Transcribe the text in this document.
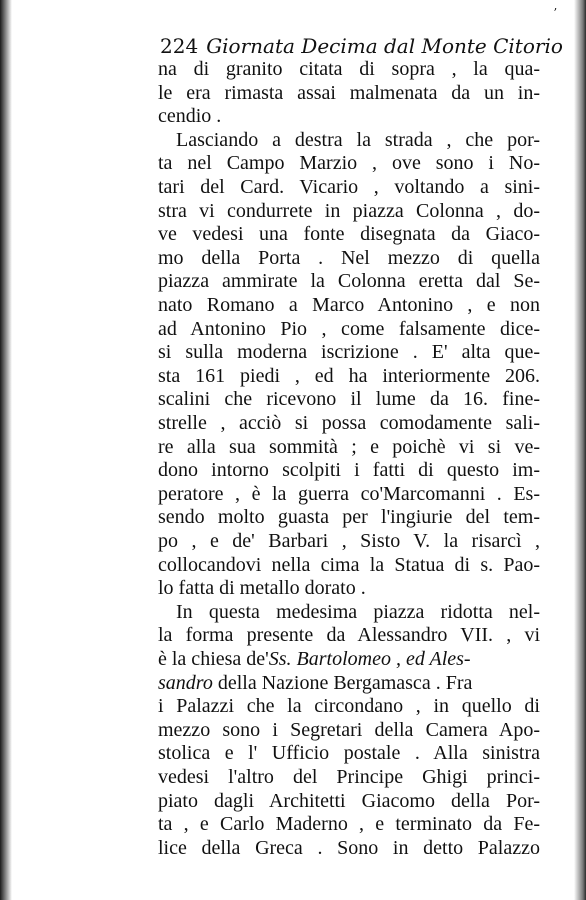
ʼ
224 Giornata Decima dal Monte Citorio
na di granito citata di sopra , la qua-
le era rimasta assai malmenata da un in-
cendio .
Lasciando a destra la strada , che por-
ta nel Campo Marzio , ove sono i No-
tari del Card. Vicario , voltando a sini-
stra vi condurrete in piazza Colonna , do-
ve vedesi una fonte disegnata da Giaco-
mo della Porta . Nel mezzo di quella
piazza ammirate la Colonna eretta dal Se-
nato Romano a Marco Antonino , e non
ad Antonino Pio , come falsamente dice-
si sulla moderna iscrizione . E' alta que-
sta 161 piedi , ed ha interiormente 206.
scalini che ricevono il lume da 16. fine-
strelle , acciò si possa comodamente sali-
re alla sua sommità ; e poichè vi si ve-
dono intorno scolpiti i fatti di questo im-
peratore , è la guerra co'Marcomanni . Es-
sendo molto guasta per l'ingiurie del tem-
po , e de' Barbari , Sisto V. la risarcì ,
collocandovi nella cima la Statua di s. Pao-
lo fatta di metallo dorato .
In questa medesima piazza ridotta nel-
la forma presente da Alessandro VII. , vi
è la chiesa de'Ss. Bartolomeo , ed Ales-
sandro della Nazione Bergamasca . Fra
i Palazzi che la circondano , in quello di
mezzo sono i Segretari della Camera Apo-
stolica e l' Ufficio postale . Alla sinistra
vedesi l'altro del Principe Ghigi princi-
piato dagli Architetti Giacomo della Por-
ta , e Carlo Maderno , e terminato da Fe-
lice della Greca . Sono in detto Palazzo
